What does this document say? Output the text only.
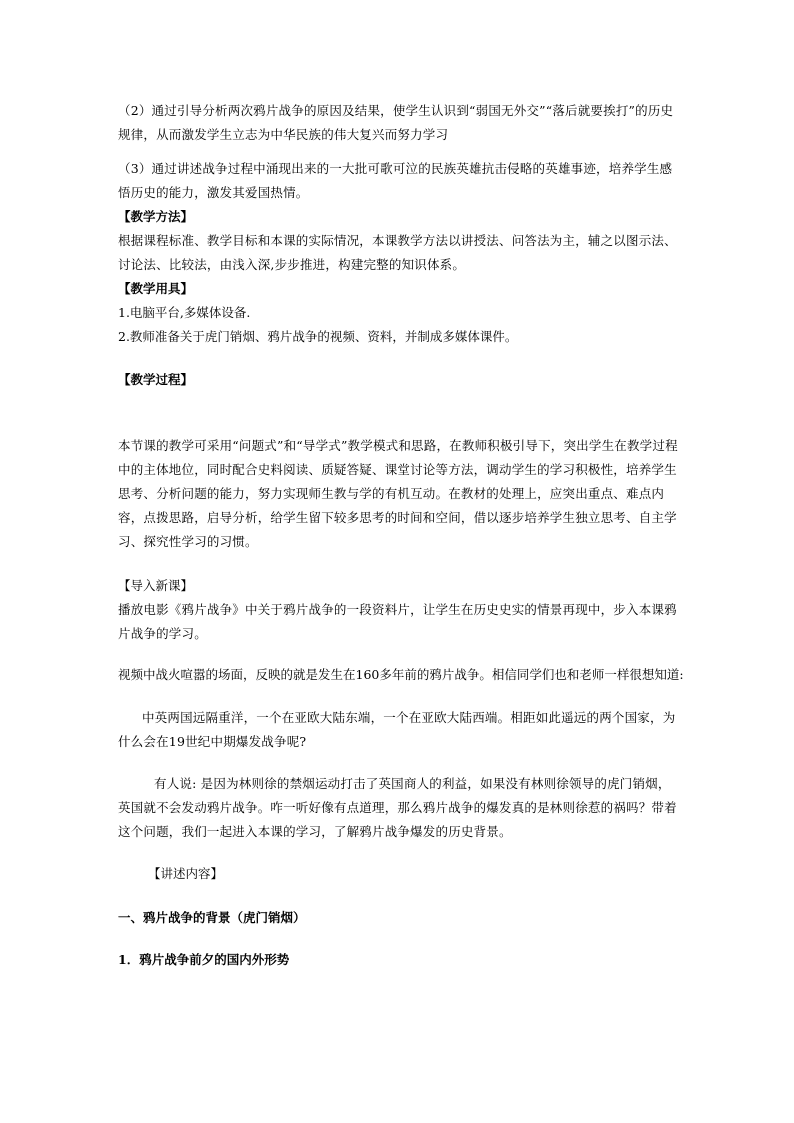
（2）通过引导分析两次鸦片战争的原因及结果，使学生认识到“弱国无外交”“落后就要挨打”的历史规律，从而激发学生立志为中华民族的伟大复兴而努力学习

（3）通过讲述战争过程中涌现出来的一大批可歌可泣的民族英雄抗击侵略的英雄事迹，培养学生感悟历史的能力，激发其爱国热情。

【教学方法】

根据课程标准、教学目标和本课的实际情况，本课教学方法以讲授法、问答法为主，辅之以图示法、讨论法、比较法，由浅入深,步步推进，构建完整的知识体系。

【教学用具】

1.电脑平台,多媒体设备.

2.教师准备关于虎门销烟、鸦片战争的视频、资料，并制成多媒体课件。

【教学过程】

本节课的教学可采用“问题式”和“导学式”教学模式和思路，在教师积极引导下，突出学生在教学过程中的主体地位，同时配合史料阅读、质疑答疑、课堂讨论等方法，调动学生的学习积极性，培养学生思考、分析问题的能力，努力实现师生教与学的有机互动。在教材的处理上，应突出重点、难点内容，点拨思路，启导分析，给学生留下较多思考的时间和空间，借以逐步培养学生独立思考、自主学习、探究性学习的习惯。

【导入新课】

播放电影《鸦片战争》中关于鸦片战争的一段资料片，让学生在历史史实的情景再现中，步入本课鸦片战争的学习。

视频中战火喧嚣的场面，反映的就是发生在160多年前的鸦片战争。相信同学们也和老师一样很想知道:

中英两国远隔重洋，一个在亚欧大陆东端，一个在亚欧大陆西端。相距如此遥远的两个国家，为什么会在19世纪中期爆发战争呢?

有人说: 是因为林则徐的禁烟运动打击了英国商人的利益，如果没有林则徐领导的虎门销烟，英国就不会发动鸦片战争。咋一听好像有点道理，那么鸦片战争的爆发真的是林则徐惹的祸吗？带着这个问题，我们一起进入本课的学习，了解鸦片战争爆发的历史背景。

【讲述内容】

一、鸦片战争的背景（虎门销烟）

1．鸦片战争前夕的国内外形势
